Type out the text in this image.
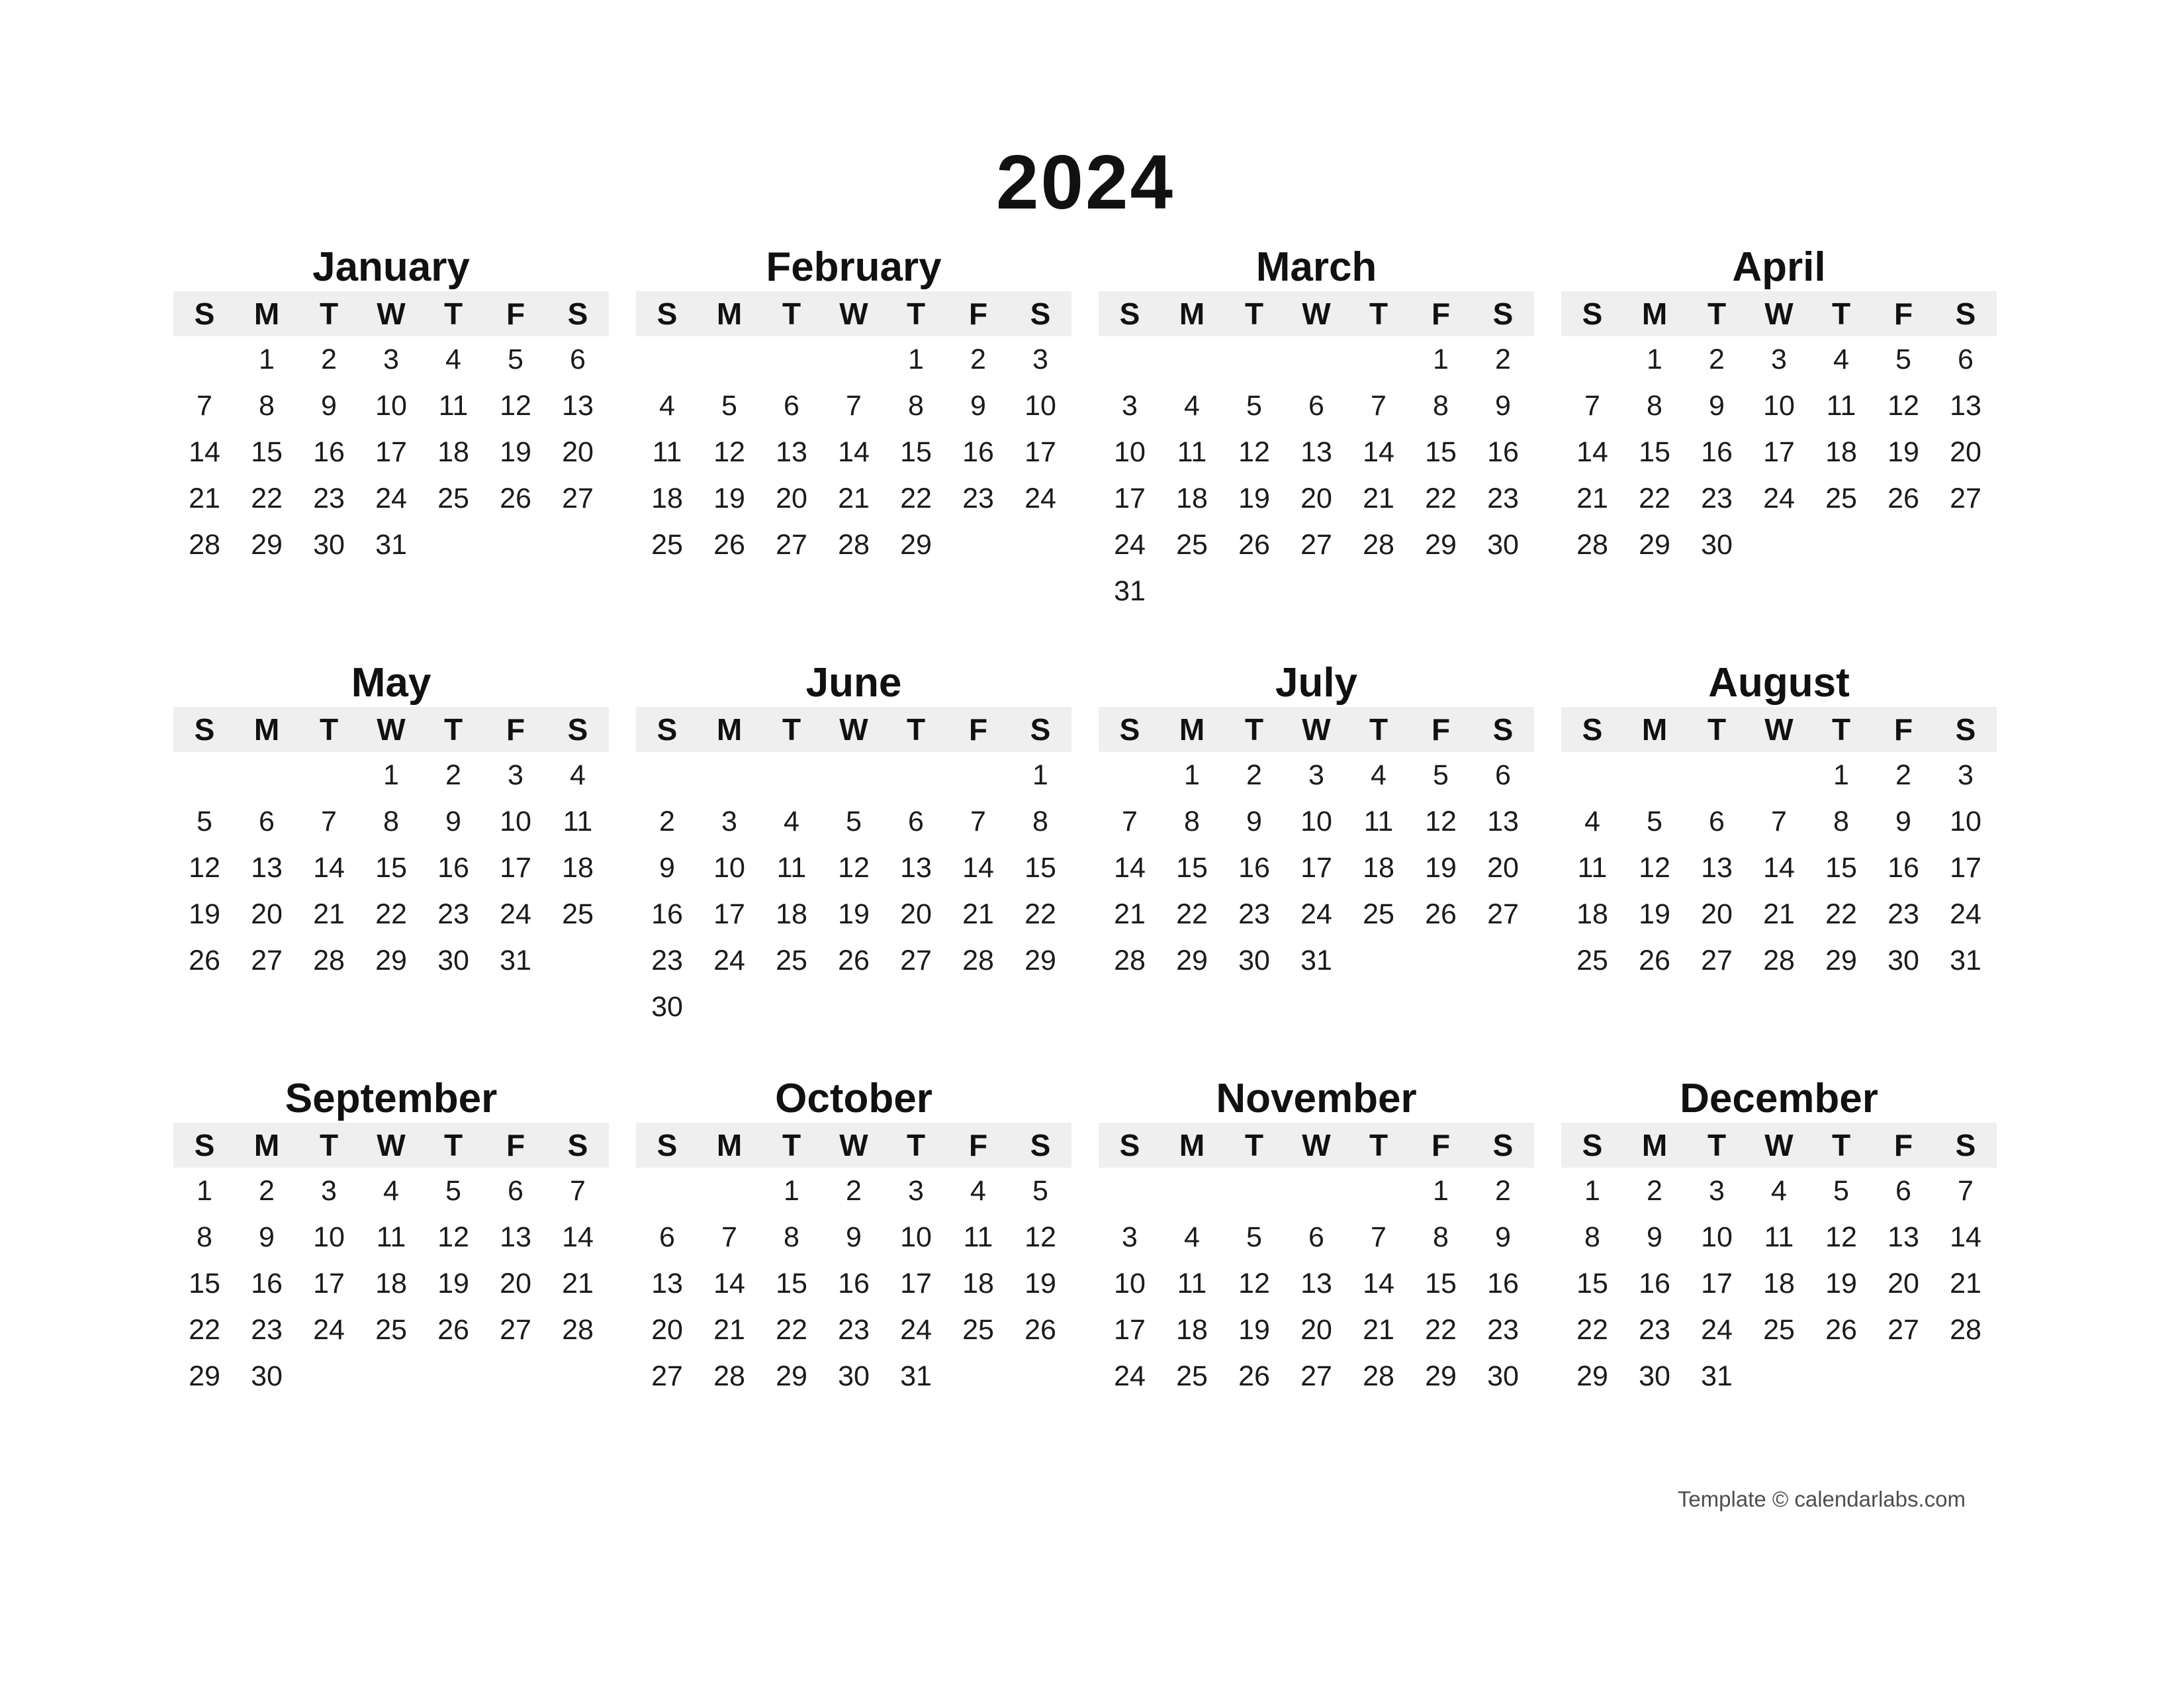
2024
January
S	M	T	W	T	F	S
	1	2	3	4	5	6
7	8	9	10	11	12	13
14	15	16	17	18	19	20
21	22	23	24	25	26	27
28	29	30	31			
February
S	M	T	W	T	F	S
				1	2	3
4	5	6	7	8	9	10
11	12	13	14	15	16	17
18	19	20	21	22	23	24
25	26	27	28	29		
March
S	M	T	W	T	F	S
					1	2
3	4	5	6	7	8	9
10	11	12	13	14	15	16
17	18	19	20	21	22	23
24	25	26	27	28	29	30
31						
April
S	M	T	W	T	F	S
	1	2	3	4	5	6
7	8	9	10	11	12	13
14	15	16	17	18	19	20
21	22	23	24	25	26	27
28	29	30				
May
S	M	T	W	T	F	S
			1	2	3	4
5	6	7	8	9	10	11
12	13	14	15	16	17	18
19	20	21	22	23	24	25
26	27	28	29	30	31	
June
S	M	T	W	T	F	S
						1
2	3	4	5	6	7	8
9	10	11	12	13	14	15
16	17	18	19	20	21	22
23	24	25	26	27	28	29
30						
July
S	M	T	W	T	F	S
	1	2	3	4	5	6
7	8	9	10	11	12	13
14	15	16	17	18	19	20
21	22	23	24	25	26	27
28	29	30	31			
August
S	M	T	W	T	F	S
				1	2	3
4	5	6	7	8	9	10
11	12	13	14	15	16	17
18	19	20	21	22	23	24
25	26	27	28	29	30	31
September
S	M	T	W	T	F	S
1	2	3	4	5	6	7
8	9	10	11	12	13	14
15	16	17	18	19	20	21
22	23	24	25	26	27	28
29	30					
October
S	M	T	W	T	F	S
		1	2	3	4	5
6	7	8	9	10	11	12
13	14	15	16	17	18	19
20	21	22	23	24	25	26
27	28	29	30	31		
November
S	M	T	W	T	F	S
					1	2
3	4	5	6	7	8	9
10	11	12	13	14	15	16
17	18	19	20	21	22	23
24	25	26	27	28	29	30
December
S	M	T	W	T	F	S
1	2	3	4	5	6	7
8	9	10	11	12	13	14
15	16	17	18	19	20	21
22	23	24	25	26	27	28
29	30	31				
Template © calendarlabs.com
